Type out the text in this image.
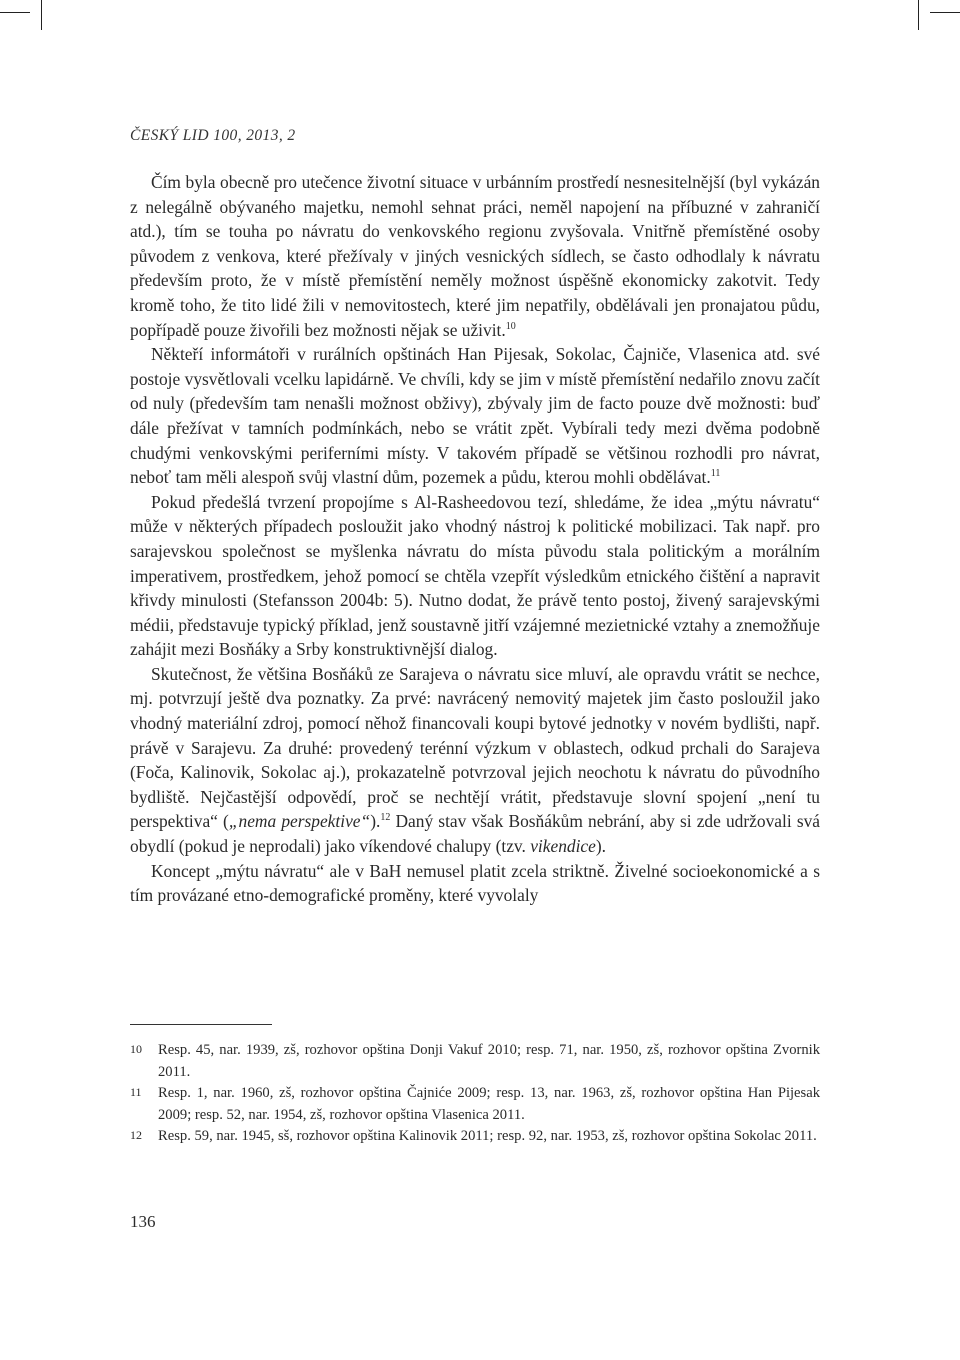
ČESKÝ LID 100, 2013, 2

Čím byla obecně pro utečence životní situace v urbánním prostředí nesnesitelnější (byl vykázán z nelegálně obývaného majetku, nemohl sehnat práci, neměl napojení na příbuzné v zahraničí atd.), tím se touha po návratu do venkovského regionu zvyšovala. Vnitřně přemístěné osoby původem z venkova, které přežívaly v jiných vesnických sídlech, se často odhodlaly k návratu především proto, že v místě přemístění neměly možnost úspěšně ekonomicky zakotvit. Tedy kromě toho, že tito lidé žili v nemovitostech, které jim nepatřily, obdělávali jen pronajatou půdu, popřípadě pouze živořili bez možnosti nějak se uživit.$^{10}$

Někteří informátoři v rurálních opštinách Han Pijesak, Sokolac, Čajniče, Vlasenica atd. své postoje vysvětlovali vcelku lapidárně. Ve chvíli, kdy se jim v místě přemístění nedařilo znovu začít od nuly (především tam nenašli možnost obživy), zbývaly jim de facto pouze dvě možnosti: buď dále přežívat v tamních podmínkách, nebo se vrátit zpět. Vybírali tedy mezi dvěma podobně chudými venkovskými periferními místy. V takovém případě se většinou rozhodli pro návrat, neboť tam měli alespoň svůj vlastní dům, pozemek a půdu, kterou mohli obdělávat.$^{11}$

Pokud předešlá tvrzení propojíme s Al-Rasheedovou tezí, shledáme, že idea „mýtu návratu“ může v některých případech posloužit jako vhodný nástroj k politické mobilizaci. Tak např. pro sarajevskou společnost se myšlenka návratu do místa původu stala politickým a morálním imperativem, prostředkem, jehož pomocí se chtěla vzepřít výsledkům etnického čištění a napravit křivdy minulosti (Stefansson 2004b: 5). Nutno dodat, že právě tento postoj, živený sarajevskými médii, představuje typický příklad, jenž soustavně jitří vzájemné mezietnické vztahy a znemožňuje zahájit mezi Bosňáky a Srby konstruktivnější dialog.

Skutečnost, že většina Bosňáků ze Sarajeva o návratu sice mluví, ale opravdu vrátit se nechce, mj. potvrzují ještě dva poznatky. Za prvé: navrácený nemovitý majetek jim často posloužil jako vhodný materiální zdroj, pomocí něhož financovali koupi bytové jednotky v novém bydlišti, např. právě v Sarajevu. Za druhé: provedený terénní výzkum v oblastech, odkud prchali do Sarajeva (Foča, Kalinovik, Sokolac aj.), prokazatelně potvrzoval jejich neochotu k návratu do původního bydliště. Nejčastější odpovědí, proč se nechtějí vrátit, představuje slovní spojení „není tu perspektiva“ („nema perspektive“).$^{12}$ Daný stav však Bosňákům nebrání, aby si zde udržovali svá obydlí (pokud je neprodali) jako víkendové chalupy (tzv. vikendice).

Koncept „mýtu návratu“ ale v BaH nemusel platit zcela striktně. Živelné socioekonomické a s tím provázané etno-demografické proměny, které vyvolaly

10	Resp. 45, nar. 1939, zš, rozhovor opština Donji Vakuf 2010; resp. 71, nar. 1950, zš, rozhovor opština Zvornik 2011.
11	Resp. 1, nar. 1960, zš, rozhovor opština Čajniće 2009; resp. 13, nar. 1963, zš, rozhovor opština Han Pijesak 2009; resp. 52, nar. 1954, zš, rozhovor opština Vlasenica 2011.
12	Resp. 59, nar. 1945, sš, rozhovor opština Kalinovik 2011; resp. 92, nar. 1953, zš, rozhovor opština Sokolac 2011.
136
